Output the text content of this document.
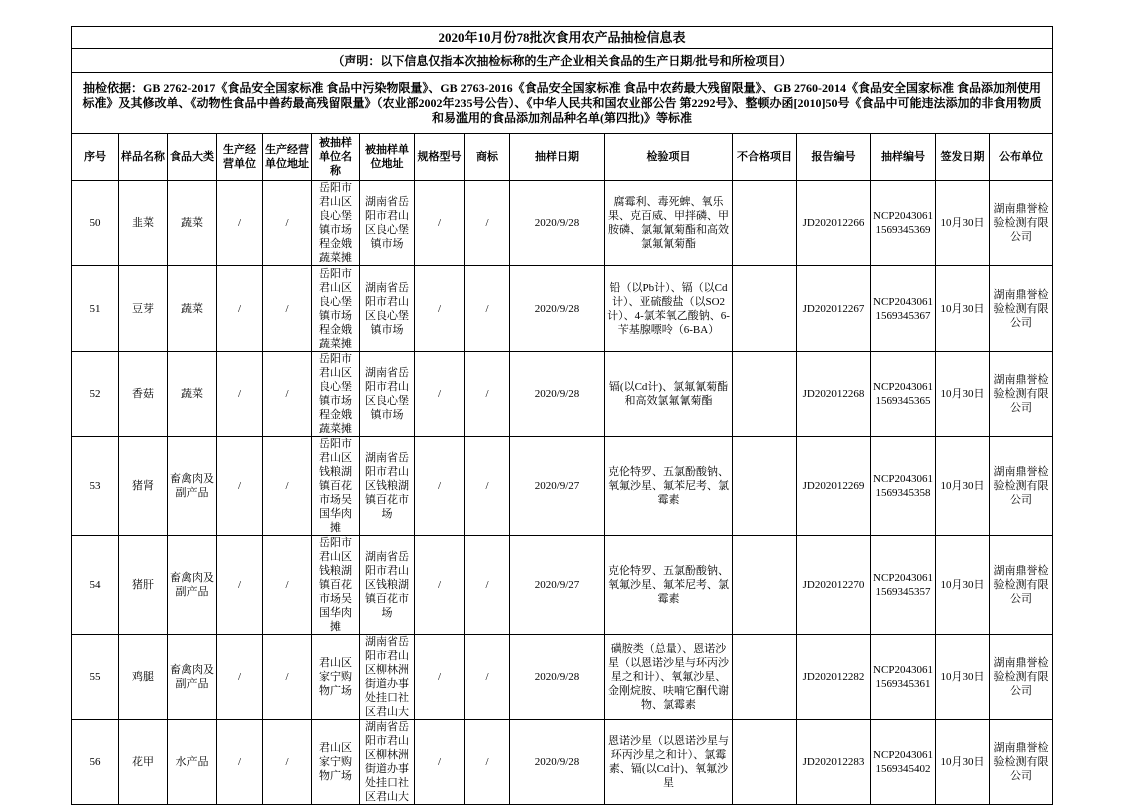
2020年10月份78批次食用农产品抽检信息表															
（声明：以下信息仅指本次抽检标称的生产企业相关食品的生产日期/批号和所检项目）															
抽检依据：GB 2762-2017《食品安全国家标准 食品中污染物限量》、GB 2763-2016《食品安全国家标准 食品中农药最大残留限量》、GB 2760-2014《食品安全国家标准 食品添加剂使用标准》及其修改单、《动物性食品中兽药最高残留限量》（农业部2002年235号公告）、《中华人民共和国农业部公告 第2292号》、整顿办函[2010]50号《食品中可能违法添加的非食用物质和易滥用的食品添加剂品种名单(第四批)》等标准															
序号	样品名称	食品大类	生产经营单位	生产经营单位地址	被抽样单位名称	被抽样单位地址	规格型号	商标	抽样日期	检验项目	不合格项目	报告编号	抽样编号	签发日期	公布单位
50	韭菜	蔬菜	/	/	岳阳市君山区良心堡镇市场程金娥蔬菜摊	湖南省岳阳市君山区良心堡镇市场	/	/	2020/9/28	腐霉利、毒死蜱、氧乐果、克百威、甲拌磷、甲胺磷、氯氟氰菊酯和高效氯氟氰菊酯		JD202012266	NCP20430611569345369	10月30日	湖南鼎誉检验检测有限公司
51	豆芽	蔬菜	/	/	岳阳市君山区良心堡镇市场程金娥蔬菜摊	湖南省岳阳市君山区良心堡镇市场	/	/	2020/9/28	铅（以Pb计）、镉（以Cd计）、亚硫酸盐（以SO2计）、4-氯苯氧乙酸钠、6-苄基腺嘌呤（6-BA）		JD202012267	NCP20430611569345367	10月30日	湖南鼎誉检验检测有限公司
52	香菇	蔬菜	/	/	岳阳市君山区良心堡镇市场程金娥蔬菜摊	湖南省岳阳市君山区良心堡镇市场	/	/	2020/9/28	镉(以Cd计)、氯氟氰菊酯和高效氯氟氰菊酯		JD202012268	NCP20430611569345365	10月30日	湖南鼎誉检验检测有限公司
53	猪肾	畜禽肉及副产品	/	/	岳阳市君山区钱粮湖镇百花市场吴国华肉摊	湖南省岳阳市君山区钱粮湖镇百花市场	/	/	2020/9/27	克伦特罗、五氯酚酸钠、氧氟沙星、氟苯尼考、氯霉素		JD202012269	NCP20430611569345358	10月30日	湖南鼎誉检验检测有限公司
54	猪肝	畜禽肉及副产品	/	/	岳阳市君山区钱粮湖镇百花市场吴国华肉摊	湖南省岳阳市君山区钱粮湖镇百花市场	/	/	2020/9/27	克伦特罗、五氯酚酸钠、氧氟沙星、氟苯尼考、氯霉素		JD202012270	NCP20430611569345357	10月30日	湖南鼎誉检验检测有限公司
55	鸡腿	畜禽肉及副产品	/	/	君山区家宁购物广场	湖南省岳阳市君山区柳林洲街道办事处挂口社区君山大	/	/	2020/9/28	磺胺类（总量）、恩诺沙星（以恩诺沙星与环丙沙星之和计）、氧氟沙星、金刚烷胺、呋喃它酮代谢物、氯霉素		JD202012282	NCP20430611569345361	10月30日	湖南鼎誉检验检测有限公司
56	花甲	水产品	/	/	君山区家宁购物广场	湖南省岳阳市君山区柳林洲街道办事处挂口社区君山大	/	/	2020/9/28	恩诺沙星（以恩诺沙星与环丙沙星之和计）、氯霉素、镉(以Cd计)、氧氟沙星		JD202012283	NCP20430611569345402	10月30日	湖南鼎誉检验检测有限公司
